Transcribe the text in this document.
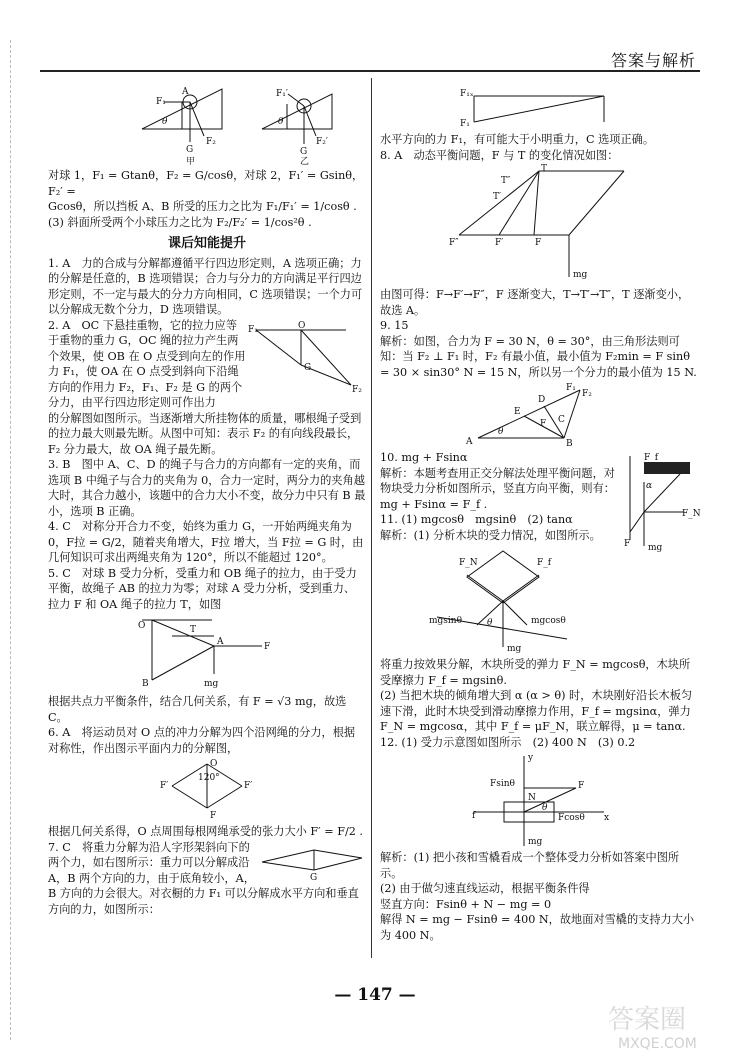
答案与解析
F₁
A
θ
G
F₂
甲
F₁′
θ
G
F₂′
乙

对球 1，F₁ = Gtanθ，F₂ = G/cosθ，对球 2，F₁′ = Gsinθ，F₂′ =

Gcosθ，所以挡板 A、B 所受的压力之比为 F₁/F₁′ = 1/cosθ .

(3) 斜面所受两个小球压力之比为 F₂/F₂′ = 1/cos²θ .

课后知能提升

1. A　力的合成与分解都遵循平行四边形定则，A 选项正确；力的分解是任意的，B 选项错误；合力与分力的方向满足平行四边形定则，不一定与最大的分力方向相同，C 选项错误；一个力可以分解成无数个分力，D 选项错误。

F₁	O
G
F₂

2. A　OC 下悬挂重物，它的拉力应等于重物的重力 G，OC 绳的拉力产生两个效果，使 OB 在 O 点受到向左的作用力 F₁，使 OA 在 O 点受到斜向下沿绳方向的作用力 F₂，F₁、F₂ 是 G 的两个分力，由平行四边形定则可作出力

的分解图如图所示。当逐渐增大所挂物体的质量，哪根绳子受到的拉力最大则最先断。从图中可知：表示 F₂ 的有向线段最长，F₂ 分力最大，故 OA 绳子最先断。

3. B　图中 A、C、D 的绳子与合力的方向都有一定的夹角，而选项 B 中绳子与合力的夹角为 0，合力一定时，两分力的夹角越大时，其合力越小，该题中的合力大小不变，故分力中只有 B 最小，选项 B 正确。

4. C　对称分开合力不变，始终为重力 G，一开始两绳夹角为 0，F拉 = G/2，随着夹角增大，F拉 增大，当 F拉 = G 时，由几何知识可求出两绳夹角为 120°，所以不能超过 120°。

5. C　对球 B 受力分析，受重力和 OB 绳子的拉力，由于受力平衡，故绳子 AB 的拉力为零；对球 A 受力分析，受到重力、拉力 F 和 OA 绳子的拉力 T，如图

O	T
A	F
B	mg

根据共点力平衡条件，结合几何关系，有 F = √3 mg，故选 C。

6. A　将运动员对 O 点的冲力分解为四个沿网绳的分力，根据对称性，作出图示平面内力的分解图，

120°
F′	F′
F
O

根据几何关系得，O 点周围每根网绳承受的张力大小 F′ = F/2 .

G

7. C　将重力分解为沿人字形架斜向下的两个力，如右图所示：重力可以分解成沿 A，B 两个方向的力，由于底角较小，A，B 方向的力会很大。对衣橱的力 F₁ 可以分解成水平方向和垂直方向的力，如图所示：

F₁ₓ
F₁

水平方向的力 F₁，有可能大于小明重力，C 选项正确。

8. A　动态平衡问题，F 与 T 的变化情况如图：

T
T″
T′
F″	F′	F
mg

由图可得：F→F′→F″，F 逐渐变大，T→T′→T″，T 逐渐变小，故选 A。

9. 15

解析：如图，合力为 F = 30 N，θ = 30°，由三角形法则可知：当 F₂ ⊥ F₁ 时，F₂ 有最小值，最小值为 F₂min = F sinθ = 30 × sin30° N = 15 N，所以另一个分力的最小值为 15 N.

F₁
D
F₂
E
C
F
θ
A	B
F_f
α
F_N
F mg

10. mg + Fsinα

解析：本题考查用正交分解法处理平衡问题，对物块受力分析如图所示，竖直方向平衡，则有：mg + Fsinα = F_f .

11. (1) mgcosθ　mgsinθ　(2) tanα

解析：(1) 分析木块的受力情况，如图所示。

F_N	F_f
mgsinθ	mgcosθ
θ
mg

将重力按效果分解，木块所受的弹力 F_N = mgcosθ，木块所受摩擦力 F_f = mgsinθ.

(2) 当把木块的倾角增大到 α (α > θ) 时，木块刚好沿长木板匀速下滑，此时木块受到滑动摩擦力作用，F_f = mgsinα，弹力 F_N = mgcosα，其中 F_f = μF_N，联立解得，μ = tanα.

12. (1) 受力示意图如图所示　(2) 400 N　(3) 0.2

y
Fsinθ	F
N
f
θ
Fcosθ x
mg

解析：(1) 把小孩和雪橇看成一个整体受力分析如答案中图所示。

(2) 由于做匀速直线运动，根据平衡条件得

竖直方向：Fsinθ + N − mg = 0

解得 N = mg − Fsinθ = 400 N，故地面对雪橇的支持力大小为 400 N。

— 147 —
答案圈
MXQE.COM
